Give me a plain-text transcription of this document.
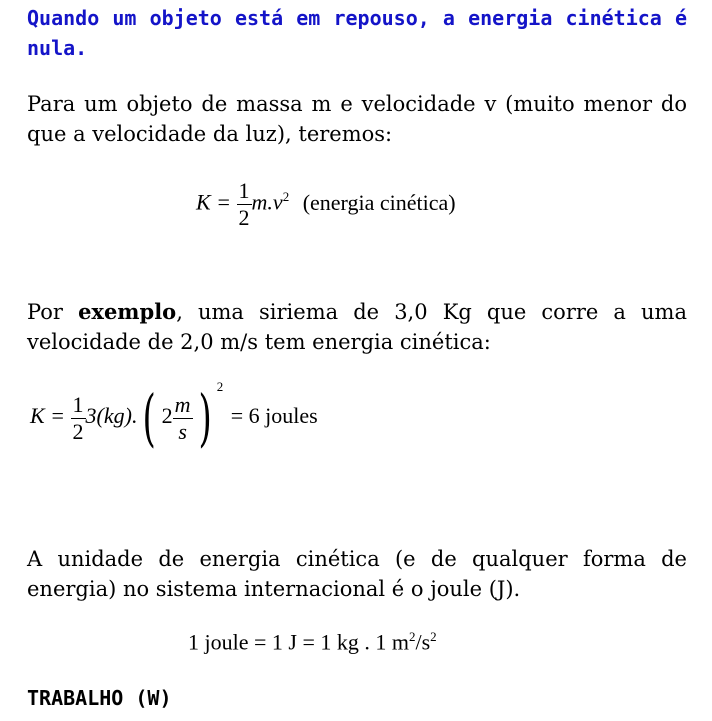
Quando um objeto está em repouso, a energia cinética é nula.

Para um objeto de massa m e velocidade v (muito menor do que a velocidade da luz), teremos:

$K = \frac{1}{2} m.v^2$ (energia cinética)

Por exemplo, uma siriema de 3,0 Kg que corre a uma velocidade de 2,0 m/s tem energia cinética:

$K = \frac{1}{2} 3(kg)$.( $2 \frac{m}{s}$ ) $^2$ = 6 joules

A unidade de energia cinética (e de qualquer forma de energia) no sistema internacional é o joule (J).

1 joule = 1 J = 1 kg . 1 $m^2/s^2$
TRABALHO (W)
